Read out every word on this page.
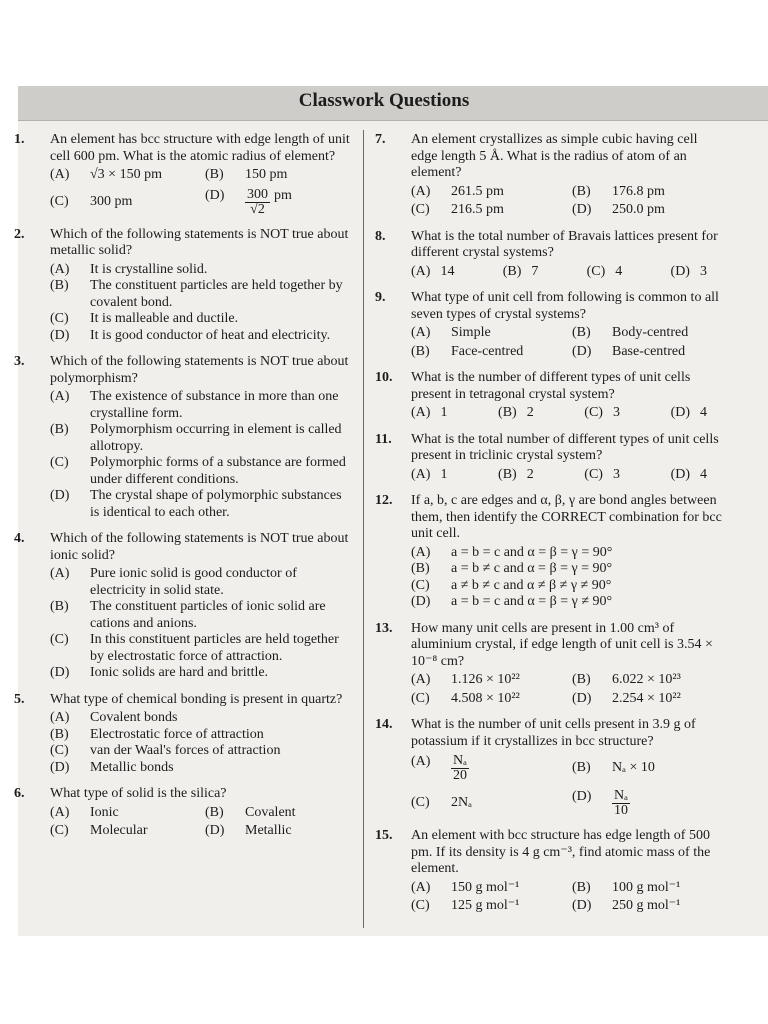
Classwork Questions
1. An element has bcc structure with edge length of unit cell 600 pm. What is the atomic radius of element?
(A)	√3 × 150 pm	(B)	150 pm
(C)	300 pm	(D)	$\frac{300}{√2}$ pm
2. Which of the following statements is NOT true about metallic solid?
(A)	It is crystalline solid.
(B)	The constituent particles are held together by covalent bond.
(C)	It is malleable and ductile.
(D)	It is good conductor of heat and electricity.
3. Which of the following statements is NOT true about polymorphism?
(A)	The existence of substance in more than one crystalline form.
(B)	Polymorphism occurring in element is called allotropy.
(C)	Polymorphic forms of a substance are formed under different conditions.
(D)	The crystal shape of polymorphic substances is identical to each other.
4. Which of the following statements is NOT true about ionic solid?
(A)	Pure ionic solid is good conductor of electricity in solid state.
(B)	The constituent particles of ionic solid are cations and anions.
(C)	In this constituent particles are held together by electrostatic force of attraction.
(D)	Ionic solids are hard and brittle.
5. What type of chemical bonding is present in quartz?
(A)	Covalent bonds
(B)	Electrostatic force of attraction
(C)	van der Waal's forces of attraction
(D)	Metallic bonds
6. What type of solid is the silica?
(A)	Ionic	(B)	Covalent
(C)	Molecular	(D)	Metallic
7. An element crystallizes as simple cubic having cell edge length 5 Å. What is the radius of atom of an element?
(A)	261.5 pm	(B)	176.8 pm
(C)	216.5 pm	(D)	250.0 pm
8. What is the total number of Bravais lattices present for different crystal systems?
(A) 14	(B) 7	(C) 4	(D) 3
9. What type of unit cell from following is common to all seven types of crystal systems?
(A)	Simple	(B)	Body-centred
(B)	Face-centred	(D)	Base-centred
10. What is the number of different types of unit cells present in tetragonal crystal system?
(A) 1	(B) 2	(C) 3	(D) 4
11. What is the total number of different types of unit cells present in triclinic crystal system?
(A) 1	(B) 2	(C) 3	(D) 4
12. If a, b, c are edges and α, β, γ are bond angles between them, then identify the CORRECT combination for bcc unit cell.
(A)	a = b = c and α = β = γ = 90°
(B)	a = b ≠ c and α = β = γ = 90°
(C)	a ≠ b ≠ c and α ≠ β ≠ γ ≠ 90°
(D)	a = b = c and α = β = γ ≠ 90°
13. How many unit cells are present in 1.00 cm³ of aluminium crystal, if edge length of unit cell is 3.54 × 10⁻⁸ cm?
(A)	1.126 × 10²²	(B)	6.022 × 10²³
(C)	4.508 × 10²²	(D)	2.254 × 10²²
14. What is the number of unit cells present in 3.9 g of potassium if it crystallizes in bcc structure?
(A)	$\frac{\text{Nₐ}}{20}$	(B)	Nₐ × 10
(C)	2Nₐ	(D)	$\frac{\text{Nₐ}}{10}$
15. An element with bcc structure has edge length of 500 pm. If its density is 4 g cm⁻³, find atomic mass of the element.
(A)	150 g mol⁻¹	(B)	100 g mol⁻¹
(C)	125 g mol⁻¹	(D)	250 g mol⁻¹
